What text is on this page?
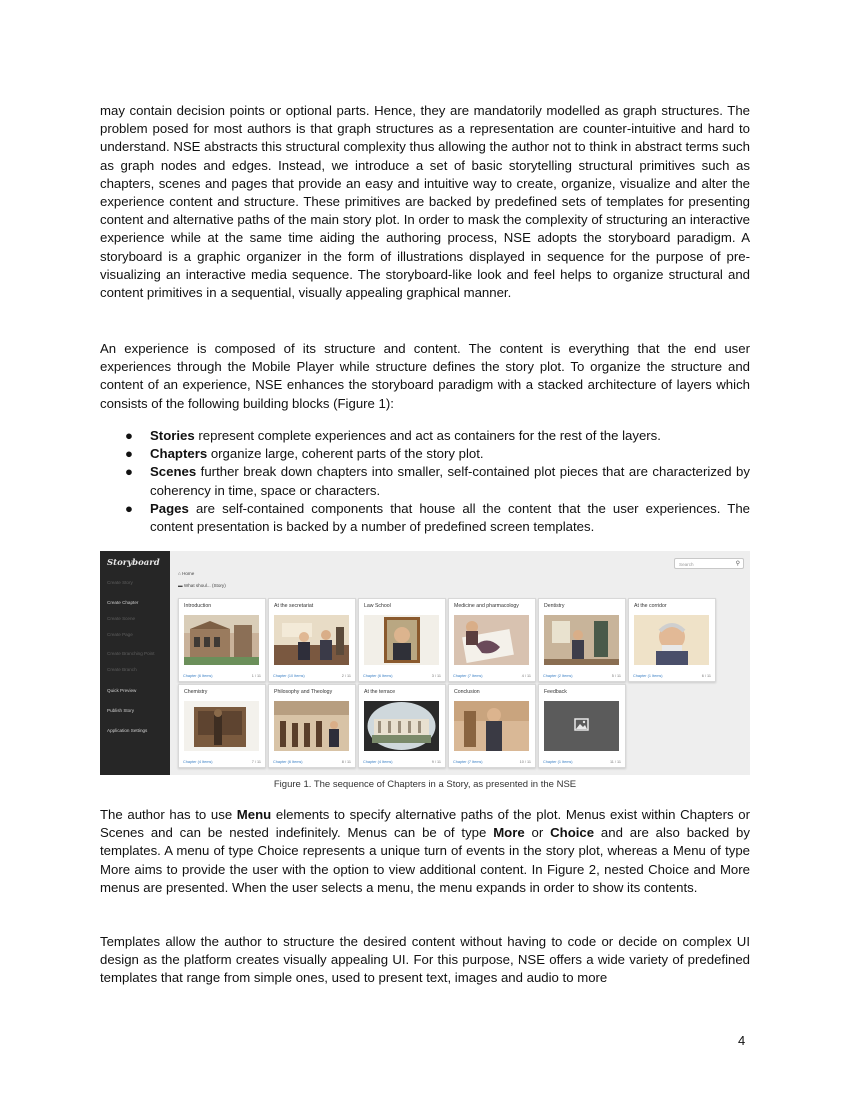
may contain decision points or optional parts. Hence, they are mandatorily modelled as graph structures. The problem posed for most authors is that graph structures as a representation are counter-intuitive and hard to understand. NSE abstracts this structural complexity thus allowing the author not to think in abstract terms such as graph nodes and edges. Instead, we introduce a set of basic storytelling structural primitives such as chapters, scenes and pages that provide an easy and intuitive way to create, organize, visualize and alter the experience content and structure. These primitives are backed by predefined sets of templates for presenting content and alternative paths of the main story plot. In order to mask the complexity of structuring an interactive experience while at the same time aiding the authoring process, NSE adopts the storyboard paradigm. A storyboard is a graphic organizer in the form of illustrations displayed in sequence for the purpose of pre-visualizing an interactive media sequence. The storyboard-like look and feel helps to organize structural and content primitives in a sequential, visually appealing graphical manner.

An experience is composed of its structure and content. The content is everything that the end user experiences through the Mobile Player while structure defines the story plot. To organize the structure and content of an experience, NSE enhances the storyboard paradigm with a stacked architecture of layers which consists of the following building blocks (Figure 1):

● Stories represent complete experiences and act as containers for the rest of the layers.
● Chapters organize large, coherent parts of the story plot.
● Scenes further break down chapters into smaller, self-contained plot pieces that are characterized by coherency in time, space or characters.
● Pages are self-contained components that house all the content that the user experiences. The content presentation is backed by a number of predefined screen templates.
Storyboard
Create Story
Create Chapter
Create Scene
Create Page
Create Branching Point
Create Branch
Quick Preview
Publish Story
Application Settings
Search	⚲
⌂ Home
▬ What shoul... (Story)
Introduction
Chapter (6 Items)	1 / 11
At the secretariat
Chapter (10 Items)	2 / 11
Law School
Chapter (6 Items)	3 / 11
Medicine and pharmacology
Chapter (7 Items)	4 / 11
Dentistry
Chapter (2 Items)	5 / 11
At the corridor
Chapter (1 Items)	6 / 11
Chemistry
Chapter (4 Items)	7 / 11
Philosophy and Theology
Chapter (6 Items)	8 / 11
At the terrace
Chapter (4 Items)	9 / 11
Conclusion
Chapter (7 Items)	10 / 11
Feedback
Chapter (1 Items)	11 / 11
Figure 1. The sequence of Chapters in a Story, as presented in the NSE

The author has to use Menu elements to specify alternative paths of the plot. Menus exist within Chapters or Scenes and can be nested indefinitely. Menus can be of type More or Choice and are also backed by templates. A menu of type Choice represents a unique turn of events in the story plot, whereas a Menu of type More aims to provide the user with the option to view additional content. In Figure 2, nested Choice and More menus are presented. When the user selects a menu, the menu expands in order to show its contents.

Templates allow the author to structure the desired content without having to code or decide on complex UI design as the platform creates visually appealing UI. For this purpose, NSE offers a wide variety of predefined templates that range from simple ones, used to present text, images and audio to more

4
